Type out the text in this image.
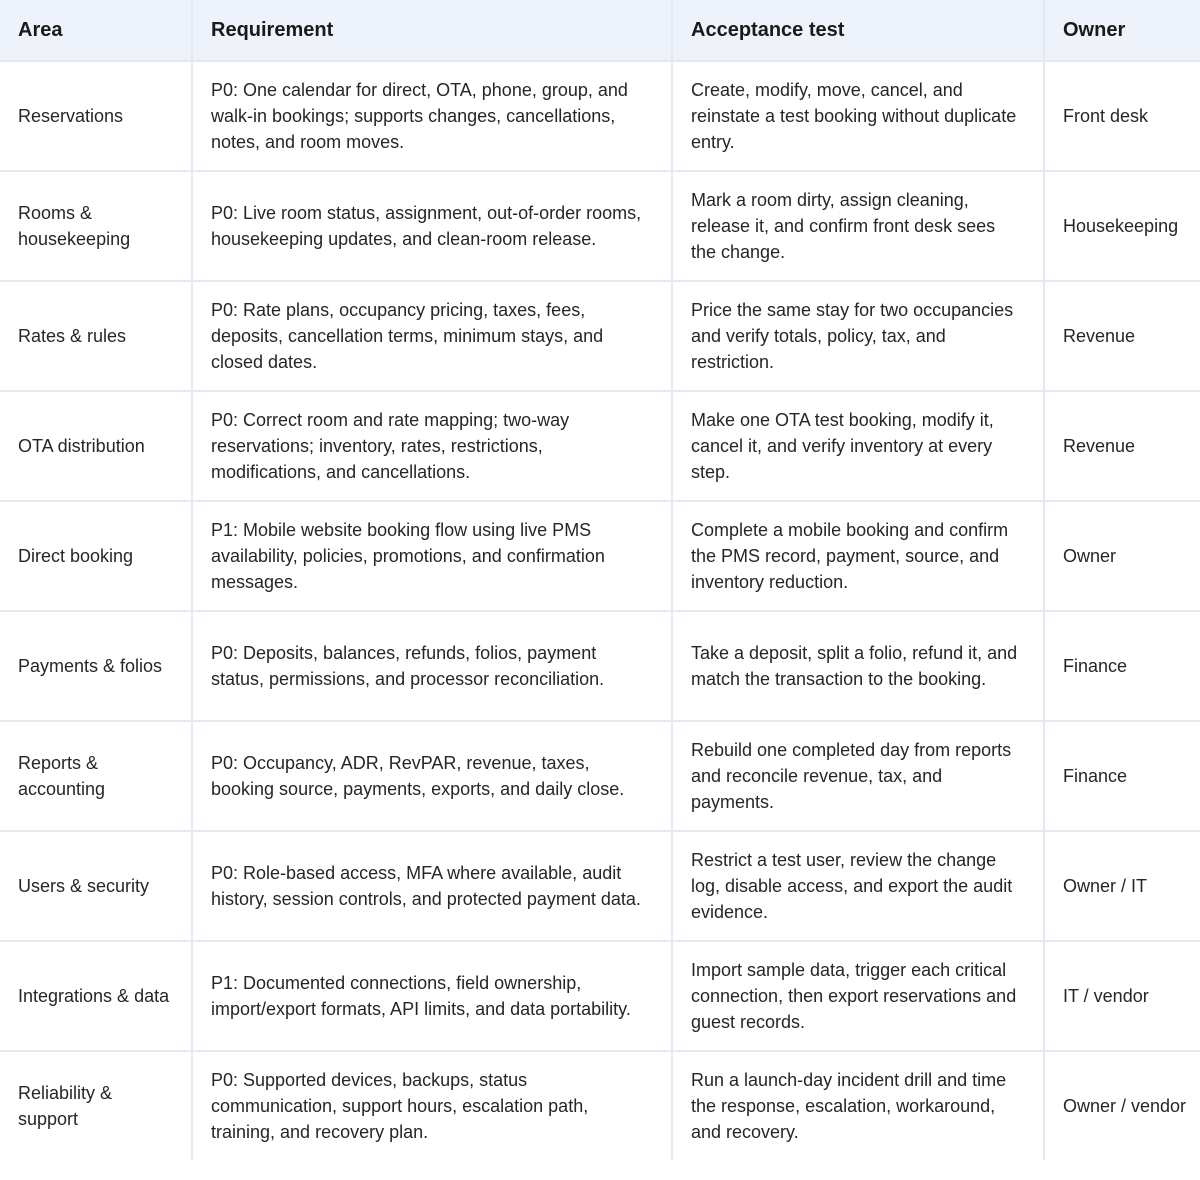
Area	Requirement	Acceptance test	Owner
Reservations	P0: One calendar for direct, OTA, phone, group, and walk-in bookings; supports changes, cancellations, notes, and room moves.	Create, modify, move, cancel, and reinstate a test booking without duplicate entry.	Front desk
Rooms & housekeeping	P0: Live room status, assignment, out-of-order rooms, housekeeping updates, and clean-room release.	Mark a room dirty, assign cleaning, release it, and confirm front desk sees the change.	Housekeeping
Rates & rules	P0: Rate plans, occupancy pricing, taxes, fees, deposits, cancellation terms, minimum stays, and closed dates.	Price the same stay for two occupancies and verify totals, policy, tax, and restriction.	Revenue
OTA distribution	P0: Correct room and rate mapping; two-way reservations; inventory, rates, restrictions, modifications, and cancellations.	Make one OTA test booking, modify it, cancel it, and verify inventory at every step.	Revenue
Direct booking	P1: Mobile website booking flow using live PMS availability, policies, promotions, and confirmation messages.	Complete a mobile booking and confirm the PMS record, payment, source, and inventory reduction.	Owner
Payments & folios	P0: Deposits, balances, refunds, folios, payment status, permissions, and processor reconciliation.	Take a deposit, split a folio, refund it, and match the transaction to the booking.	Finance
Reports & accounting	P0: Occupancy, ADR, RevPAR, revenue, taxes, booking source, payments, exports, and daily close.	Rebuild one completed day from reports and reconcile revenue, tax, and payments.	Finance
Users & security	P0: Role-based access, MFA where available, audit history, session controls, and protected payment data.	Restrict a test user, review the change log, disable access, and export the audit evidence.	Owner / IT
Integrations & data	P1: Documented connections, field ownership, import/export formats, API limits, and data portability.	Import sample data, trigger each critical connection, then export reservations and guest records.	IT / vendor
Reliability & support	P0: Supported devices, backups, status communication, support hours, escalation path, training, and recovery plan.	Run a launch-day incident drill and time the response, escalation, workaround, and recovery.	Owner / vendor
